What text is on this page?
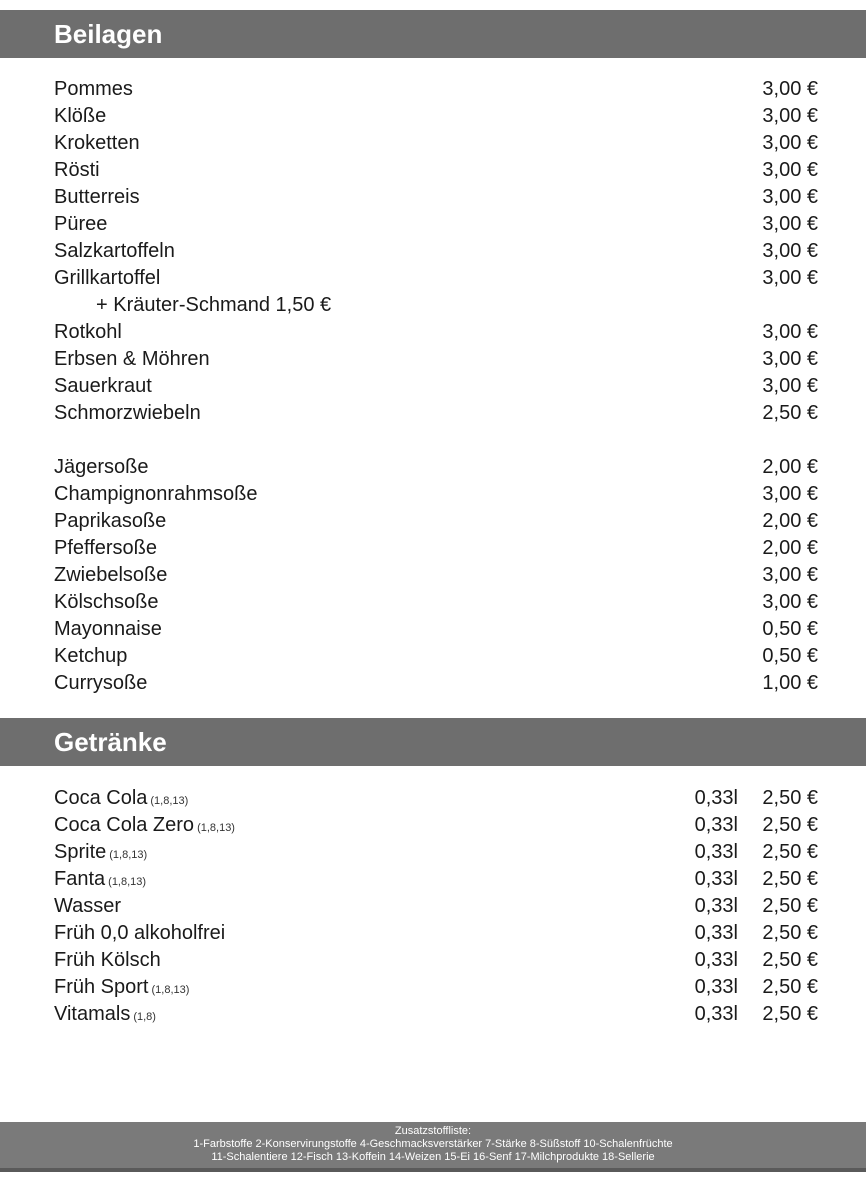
Beilagen
Pommes	3,00 €
Klöße	3,00 €
Kroketten	3,00 €
Rösti	3,00 €
Butterreis	3,00 €
Püree	3,00 €
Salzkartoffeln	3,00 €
Grillkartoffel	3,00 €
+ Kräuter-Schmand 1,50 €
Rotkohl	3,00 €
Erbsen & Möhren	3,00 €
Sauerkraut	3,00 €
Schmorzwiebeln	2,50 €
Jägersoße	2,00 €
Champignonrahmsoße	3,00 €
Paprikasoße	2,00 €
Pfeffersoße	2,00 €
Zwiebelsoße	3,00 €
Kölschsoße	3,00 €
Mayonnaise	0,50 €
Ketchup	0,50 €
Currysoße	1,00 €
Getränke
Coca Cola (1,8,13)	0,33l 2,50 €
Coca Cola Zero (1,8,13)	0,33l 2,50 €
Sprite (1,8,13)	0,33l 2,50 €
Fanta (1,8,13)	0,33l 2,50 €
Wasser	0,33l 2,50 €
Früh 0,0 alkoholfrei	0,33l 2,50 €
Früh Kölsch	0,33l 2,50 €
Früh Sport (1,8,13)	0,33l 2,50 €
Vitamals (1,8)	0,33l 2,50 €
Zusatzstoffliste:
1-Farbstoffe 2-Konservirungstoffe 4-Geschmacksverstärker 7-Stärke 8-Süßstoff 10-Schalenfrüchte
11-Schalentiere 12-Fisch 13-Koffein 14-Weizen 15-Ei 16-Senf 17-Milchprodukte 18-Sellerie
